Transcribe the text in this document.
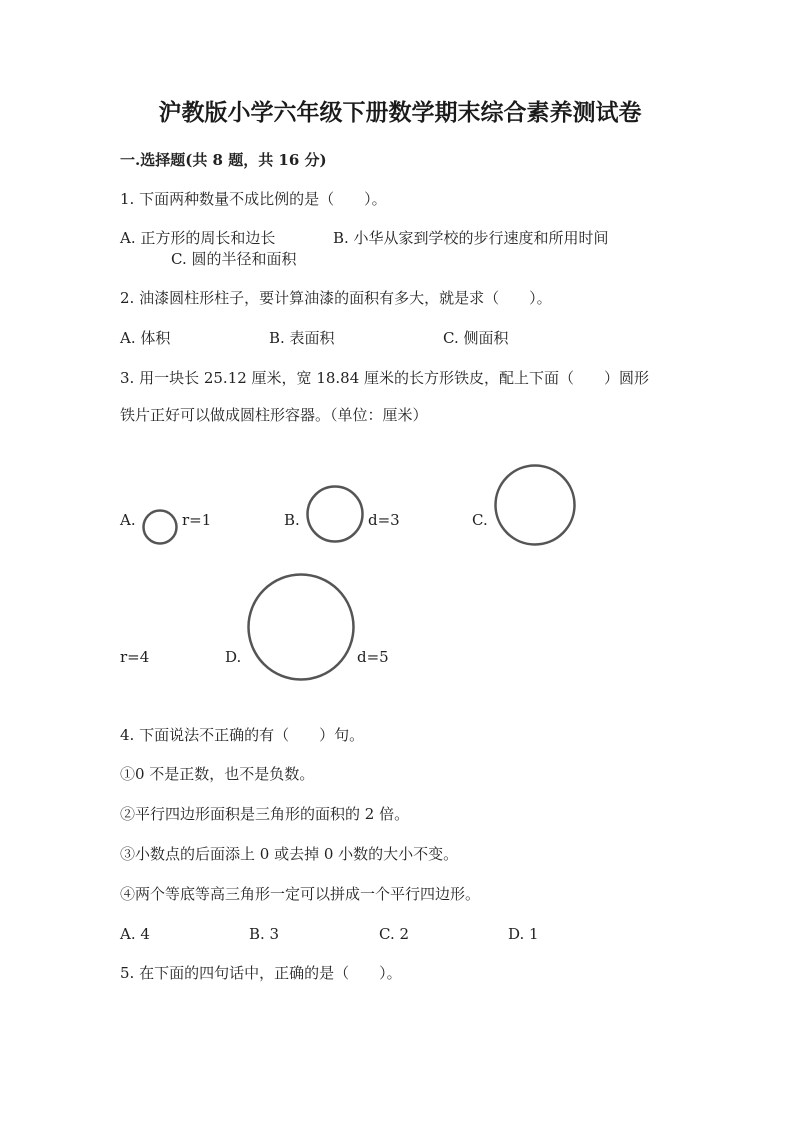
沪教版小学六年级下册数学期末综合素养测试卷
一.选择题(共 8 题，共 16 分)
1. 下面两种数量不成比例的是（　　）。
A. 正方形的周长和边长	B. 小华从家到学校的步行速度和所用时间
C. 圆的半径和面积
2. 油漆圆柱形柱子，要计算油漆的面积有多大，就是求（　　）。
A. 体积	B. 表面积	C. 侧面积
3. 用一块长 25.12 厘米，宽 18.84 厘米的长方形铁皮，配上下面（　　）圆形
铁片正好可以做成圆柱形容器。（单位：厘米）
A.	r=1	B.	d=3	C.
r=4	D.	d=5
4. 下面说法不正确的有（　　）句。
①0 不是正数，也不是负数。
②平行四边形面积是三角形的面积的 2 倍。
③小数点的后面添上 0 或去掉 0 小数的大小不变。
④两个等底等高三角形一定可以拼成一个平行四边形。
A. 4	B. 3	C. 2	D. 1
5. 在下面的四句话中，正确的是（　　）。
